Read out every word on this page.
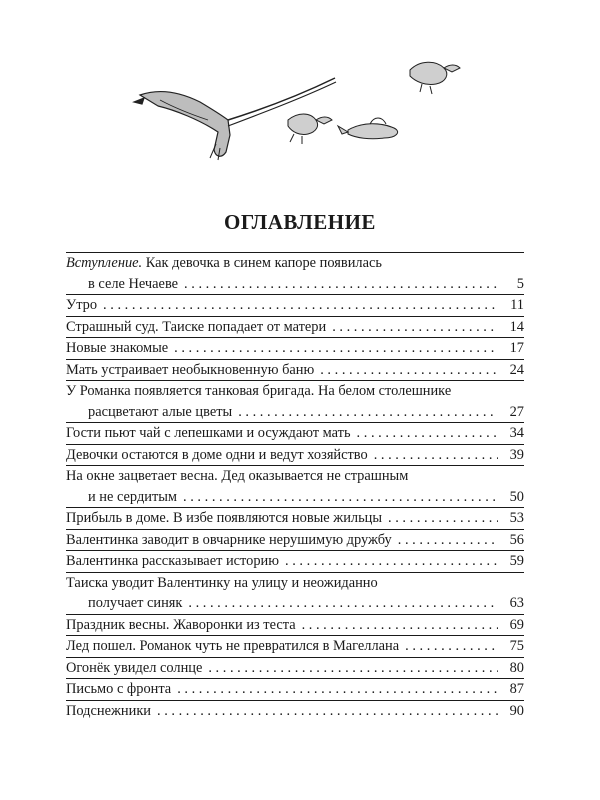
ОГЛАВЛЕНИЕ
Вступление. Как девочка в синем капоре появилась
в селе Нечаеве . . .	5
Утро . . .	11
Страшный суд. Таиске попадает от матери . . .	14
Новые знакомые . . .	17
Мать устраивает необыкновенную баню . . .	24
У Романка появляется танковая бригада. На белом столешнике
расцветают алые цветы . . .	27
Гости пьют чай с лепешками и осуждают мать . . .	34
Девочки остаются в доме одни и ведут хозяйство . . .	39
На окне зацветает весна. Дед оказывается не страшным
и не сердитым . . .	50
Прибыль в доме. В избе появляются новые жильцы . . .	53
Валентинка заводит в овчарнике нерушимую дружбу . . .	56
Валентинка рассказывает историю . . .	59
Таиска уводит Валентинку на улицу и неожиданно
получает синяк . . .	63
Праздник весны. Жаворонки из теста . . .	69
Лед пошел. Романок чуть не превратился в Магеллана . . .	75
Огонёк увидел солнце . . .	80
Письмо с фронта . . .	87
Подснежники . . .	90
